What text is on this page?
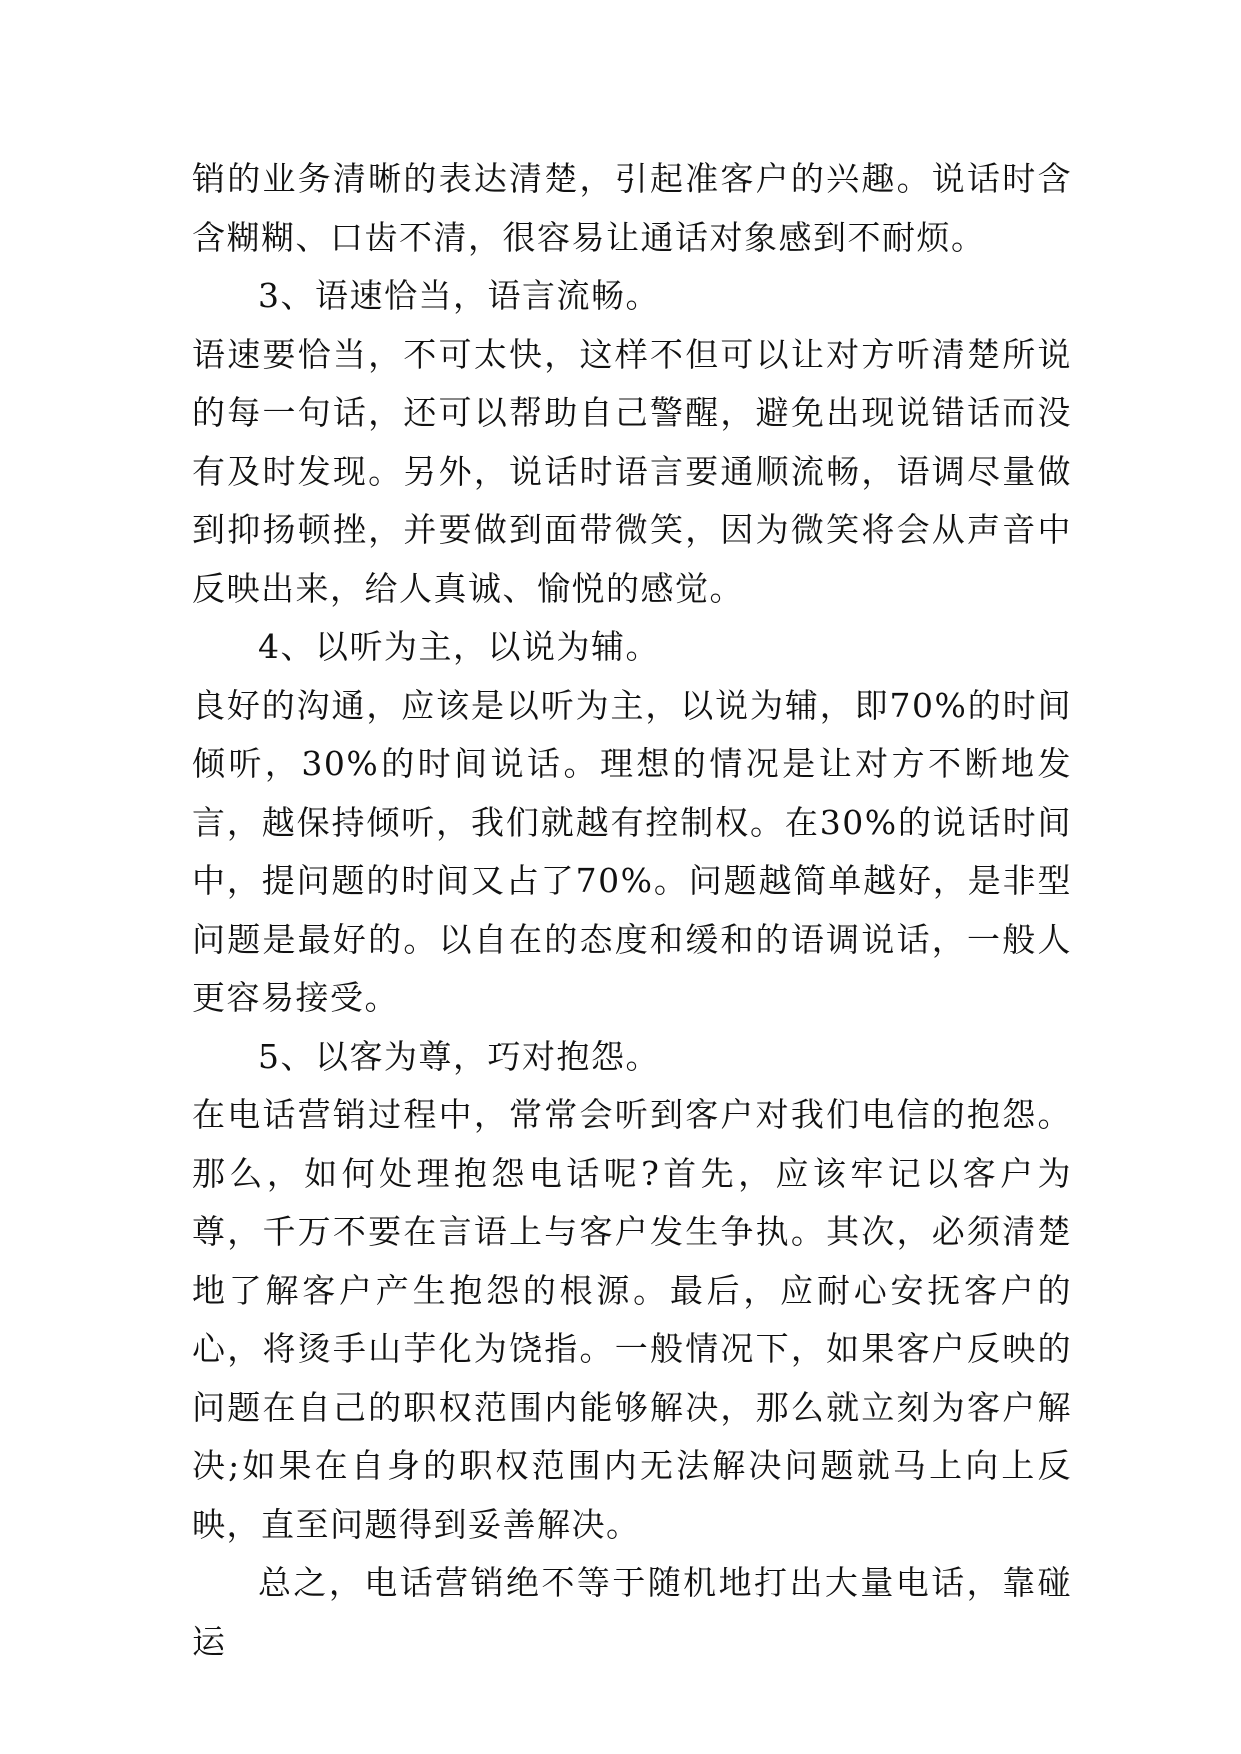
销的业务清晰的表达清楚，引起准客户的兴趣。说话时含含糊糊、口齿不清，很容易让通话对象感到不耐烦。

3、语速恰当，语言流畅。

语速要恰当，不可太快，这样不但可以让对方听清楚所说的每一句话，还可以帮助自己警醒，避免出现说错话而没有及时发现。另外，说话时语言要通顺流畅，语调尽量做到抑扬顿挫，并要做到面带微笑，因为微笑将会从声音中反映出来，给人真诚、愉悦的感觉。

4、以听为主，以说为辅。

良好的沟通，应该是以听为主，以说为辅，即70%的时间倾听，30%的时间说话。理想的情况是让对方不断地发言，越保持倾听，我们就越有控制权。在30%的说话时间中，提问题的时间又占了70%。问题越简单越好，是非型问题是最好的。以自在的态度和缓和的语调说话，一般人更容易接受。

5、以客为尊，巧对抱怨。

在电话营销过程中，常常会听到客户对我们电信的抱怨。那么，如何处理抱怨电话呢?首先，应该牢记以客户为尊，千万不要在言语上与客户发生争执。其次，必须清楚地了解客户产生抱怨的根源。最后，应耐心安抚客户的心，将烫手山芋化为饶指。一般情况下，如果客户反映的问题在自己的职权范围内能够解决，那么就立刻为客户解决;如果在自身的职权范围内无法解决问题就马上向上反映，直至问题得到妥善解决。

总之，电话营销绝不等于随机地打出大量电话，靠碰运
